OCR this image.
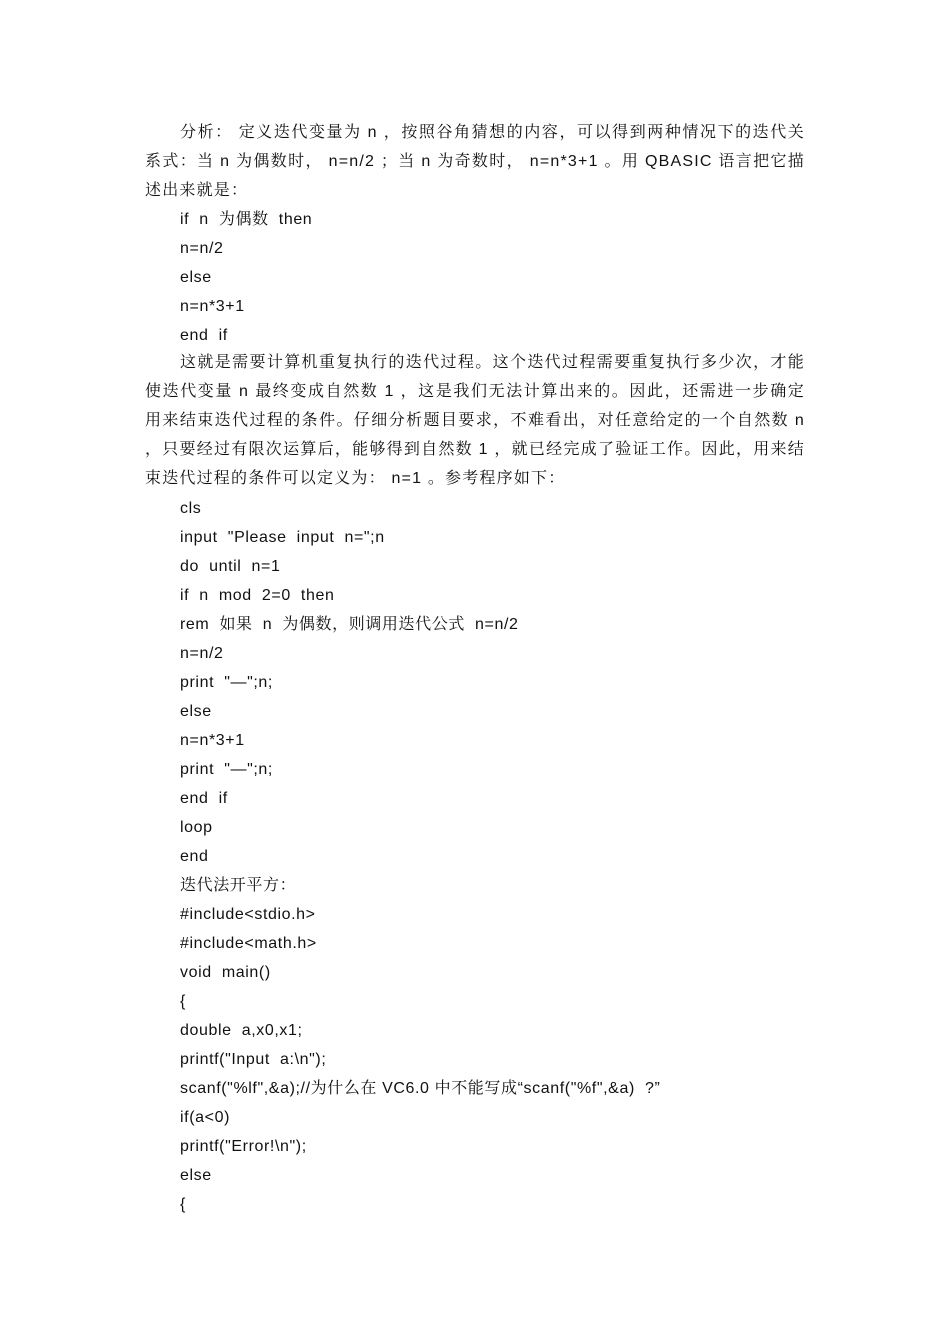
分析： 定义迭代变量为 n ，按照谷角猜想的内容，可以得到两种情况下的迭代关系式：当 n 为偶数时， n=n/2 ；当 n 为奇数时， n=n*3+1 。用 QBASIC 语言把它描述出来就是：

if  n  为偶数  then
n=n/2
else
n=n*3+1
end  if

这就是需要计算机重复执行的迭代过程。这个迭代过程需要重复执行多少次，才能使迭代变量 n 最终变成自然数 1 ，这是我们无法计算出来的。因此，还需进一步确定用来结束迭代过程的条件。仔细分析题目要求，不难看出，对任意给定的一个自然数 n ，只要经过有限次运算后，能够得到自然数 1 ，就已经完成了验证工作。因此，用来结束迭代过程的条件可以定义为： n=1 。参考程序如下：

cls
input  "Please  input  n=";n
do  until  n=1
if  n  mod  2=0  then
rem  如果  n  为偶数，则调用迭代公式  n=n/2
n=n/2
print  "—";n;
else
n=n*3+1
print  "—";n;
end  if
loop
end
迭代法开平方：
#include<stdio.h>
#include<math.h>
void  main()
{
double  a,x0,x1;
printf("Input  a:\n");
scanf("%lf",&a);//为什么在 VC6.0 中不能写成“scanf("%f",&a)  ?”
if(a<0)
printf("Error!\n");
else
{
